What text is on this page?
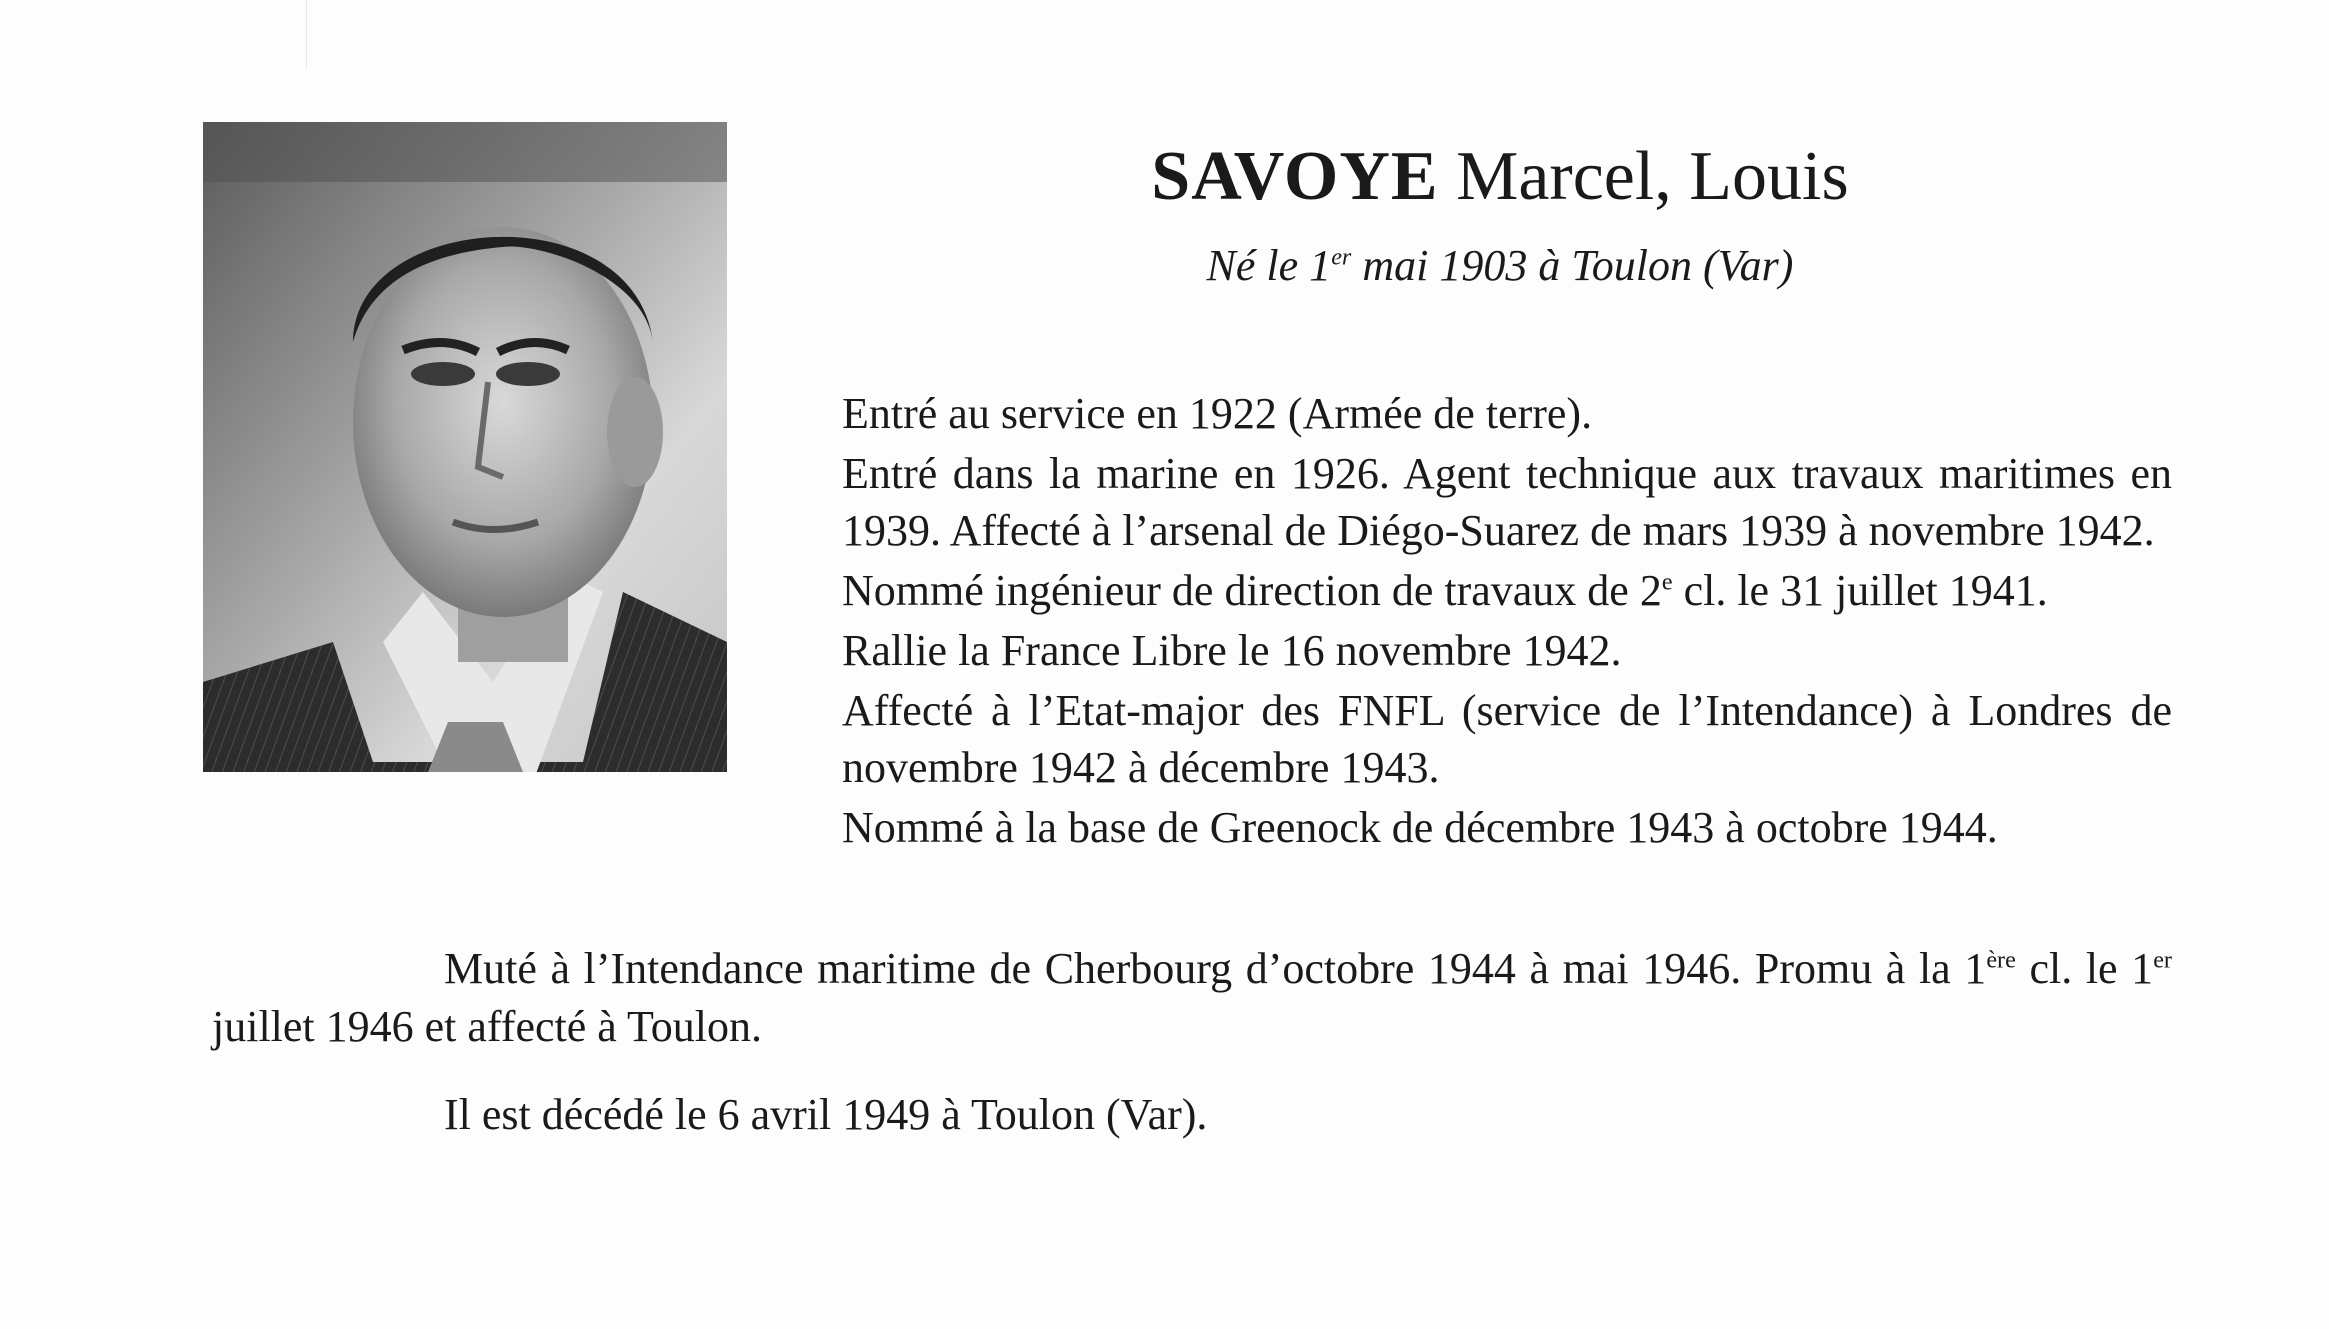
SAVOYE Marcel, Louis
Né le 1er mai 1903 à Toulon (Var)

Entré au service en 1922 (Armée de terre).

Entré dans la marine en 1926. Agent technique aux travaux maritimes en 1939. Affecté à l’arsenal de Diégo-Suarez de mars 1939 à novembre 1942.

Nommé ingénieur de direction de travaux de 2e cl. le 31 juillet 1941.

Rallie la France Libre le 16 novembre 1942.

Affecté à l’Etat-major des FNFL (service de l’Intendance) à Londres de novembre 1942 à décembre 1943.

Nommé à la base de Greenock de décembre 1943 à octobre 1944.

Muté à l’Intendance maritime de Cherbourg d’octobre 1944 à mai 1946. Promu à la 1ère cl. le 1er juillet 1946 et affecté à Toulon.

Il est décédé le 6 avril 1949 à Toulon (Var).
